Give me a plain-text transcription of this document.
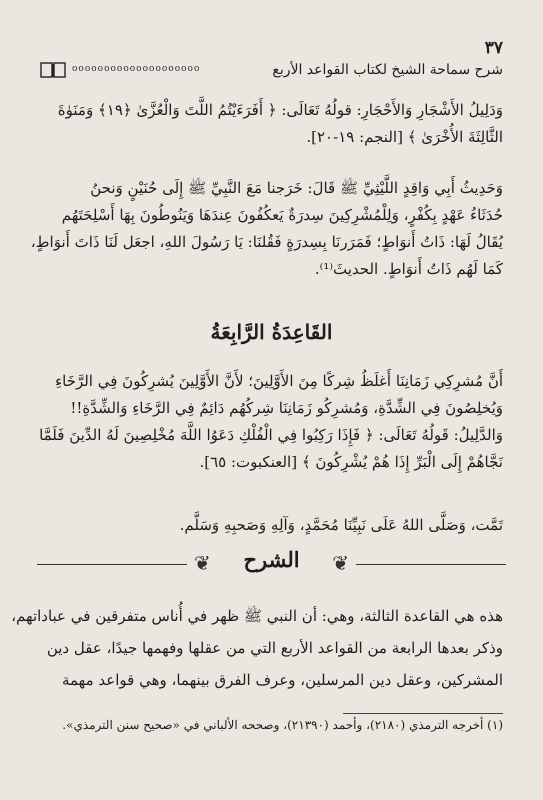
٣٧
شرح سماحة الشيخ لكتاب القواعد الأربع
oooooooooooooooooooo
وَدَلِيلُ الأَشْجَارِ وَالأَحْجَارِ: قولُهُ تَعَالَى: ﴿ أَفَرَءَيْتُمُ اللَّتَ وَالْعُزَّىٰ ﴿١٩﴾ وَمَنَوٰةَ
الثَّالِثَةَ الأُخْرَىٰ ﴾ [النجم: ١٩-٢٠].
وَحَدِيثُ أَبِي وَاقِدٍ اللَّيْثِيِّ ﷺ قَالَ: خَرَجنا مَعَ النَّبِيِّ ﷺ إِلَى حُنَيْنٍ وَنحنُ
حُدَثَاءُ عَهْدٍ بِكُفْرٍ، وَلِلْمُشْرِكِينَ سِدرَةٌ يَعكُفُونَ عِندَهَا وَيَنُوطُونَ بِهَا أَسْلِحَتَهُم
يُقَالُ لَهَا: ذَاتُ أَنوَاطٍ؛ فَمَرَرنَا بِسِدرَةٍ فَقُلنَا: يَا رَسُولَ اللهِ، اجعَل لَنَا ذَاتَ أَنوَاطٍ،
كَمَا لَهُم ذَاتُ أَنوَاطٍ. الحديثَ⁽¹⁾.
القَاعِدَةُ الرَّابِعَةُ
أَنَّ مُشرِكِي زَمَانِنَا أَغلَظُ شِركًا مِنَ الأَوَّلِينَ؛ لأَنَّ الأَوَّلِينَ يُشرِكُونَ فِي الرَّخَاءِ
وَيُخلِصُونَ فِي الشِّدَّةِ، وَمُشرِكُو زَمَانِنَا شِركُهُم دَائِمٌ فِي الرَّخَاءِ وَالشِّدَّةِ!!
وَالدَّلِيلُ: قَولُهُ تَعَالَى: ﴿ فَإِذَا رَكِبُوا فِي الْفُلْكِ دَعَوُا اللَّهَ مُخْلِصِينَ لَهُ الدِّينَ فَلَمَّا
نَجَّاهُمْ إِلَى الْبَرِّ إِذَا هُمْ يُشْرِكُونَ ﴾ [العنكبوت: ٦٥].
تَمَّت، وَصَلَّى اللهُ عَلَى نَبِيِّنَا مُحَمَّدٍ، وَآلِهِ وَصَحبِهِ وَسَلَّم.
❦
❦	الشرح
هذه هي القاعدة الثالثة، وهي: أن النبي ﷺ ظهر في أُناس متفرقين في عباداتهم،
وذكر بعدها الرابعة من القواعد الأربع التي من عقلها وفهمها جيدًا، عقل دين
المشركين، وعقل دين المرسلين، وعرف الفرق بينهما، وهي قواعد مهمة
(١) أخرجه الترمذي (٢١٨٠)، وأحمد (٢١٣٩٠)، وصححه الألباني في «صحيح سنن الترمذي».
